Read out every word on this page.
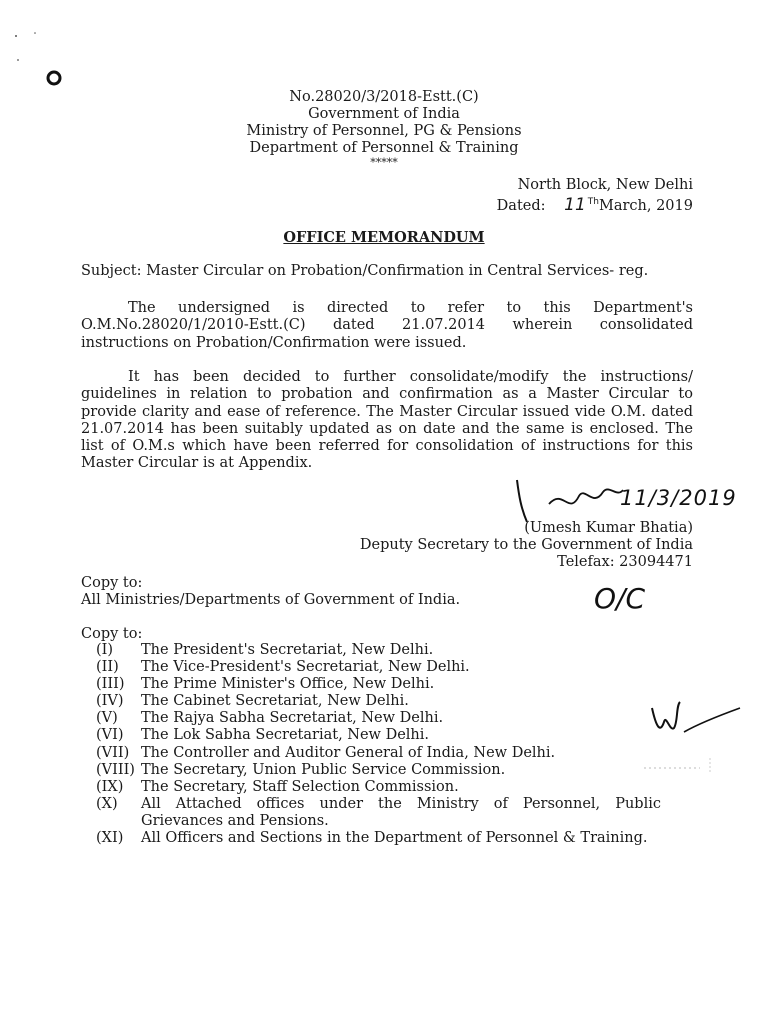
No.28020/3/2018-Estt.(C)
Government of India
Ministry of Personnel, PG & Pensions
Department of Personnel & Training
*****
North Block, New Delhi
Dated: 11 $^{Th}$March, 2019
OFFICE MEMORANDUM
Subject: Master Circular on Probation/Confirmation in Central Services- reg.
The undersigned is directed to refer to this Department's O.M.No.28020/1/2010-Estt.(C) dated 21.07.2014 wherein consolidated instructions on Probation/Confirmation were issued.
It has been decided to further consolidate/modify the instructions/ guidelines in relation to probation and confirmation as a Master Circular to provide clarity and ease of reference. The Master Circular issued vide O.M. dated 21.07.2014 has been suitably updated as on date and the same is enclosed. The list of O.M.s which have been referred for consolidation of instructions for this Master Circular is at Appendix.
11/3/2019
(Umesh Kumar Bhatia)
Deputy Secretary to the Government of India
Telefax: 23094471
Copy to:
All Ministries/Departments of Government of India.	O/C
Copy to:
(I)	The President's Secretariat, New Delhi.
(II)	The Vice-President's Secretariat, New Delhi.
(III)	The Prime Minister's Office, New Delhi.
(IV)	The Cabinet Secretariat, New Delhi.
(V)	The Rajya Sabha Secretariat, New Delhi.
(VI)	The Lok Sabha Secretariat, New Delhi.
(VII) The Controller and Auditor General of India, New Delhi.
(VIII) The Secretary, Union Public Service Commission.
(IX)	The Secretary, Staff Selection Commission.
(X)	All Attached offices under the Ministry of Personnel, Public Grievances and Pensions.
(XI)	All Officers and Sections in the Department of Personnel & Training.
